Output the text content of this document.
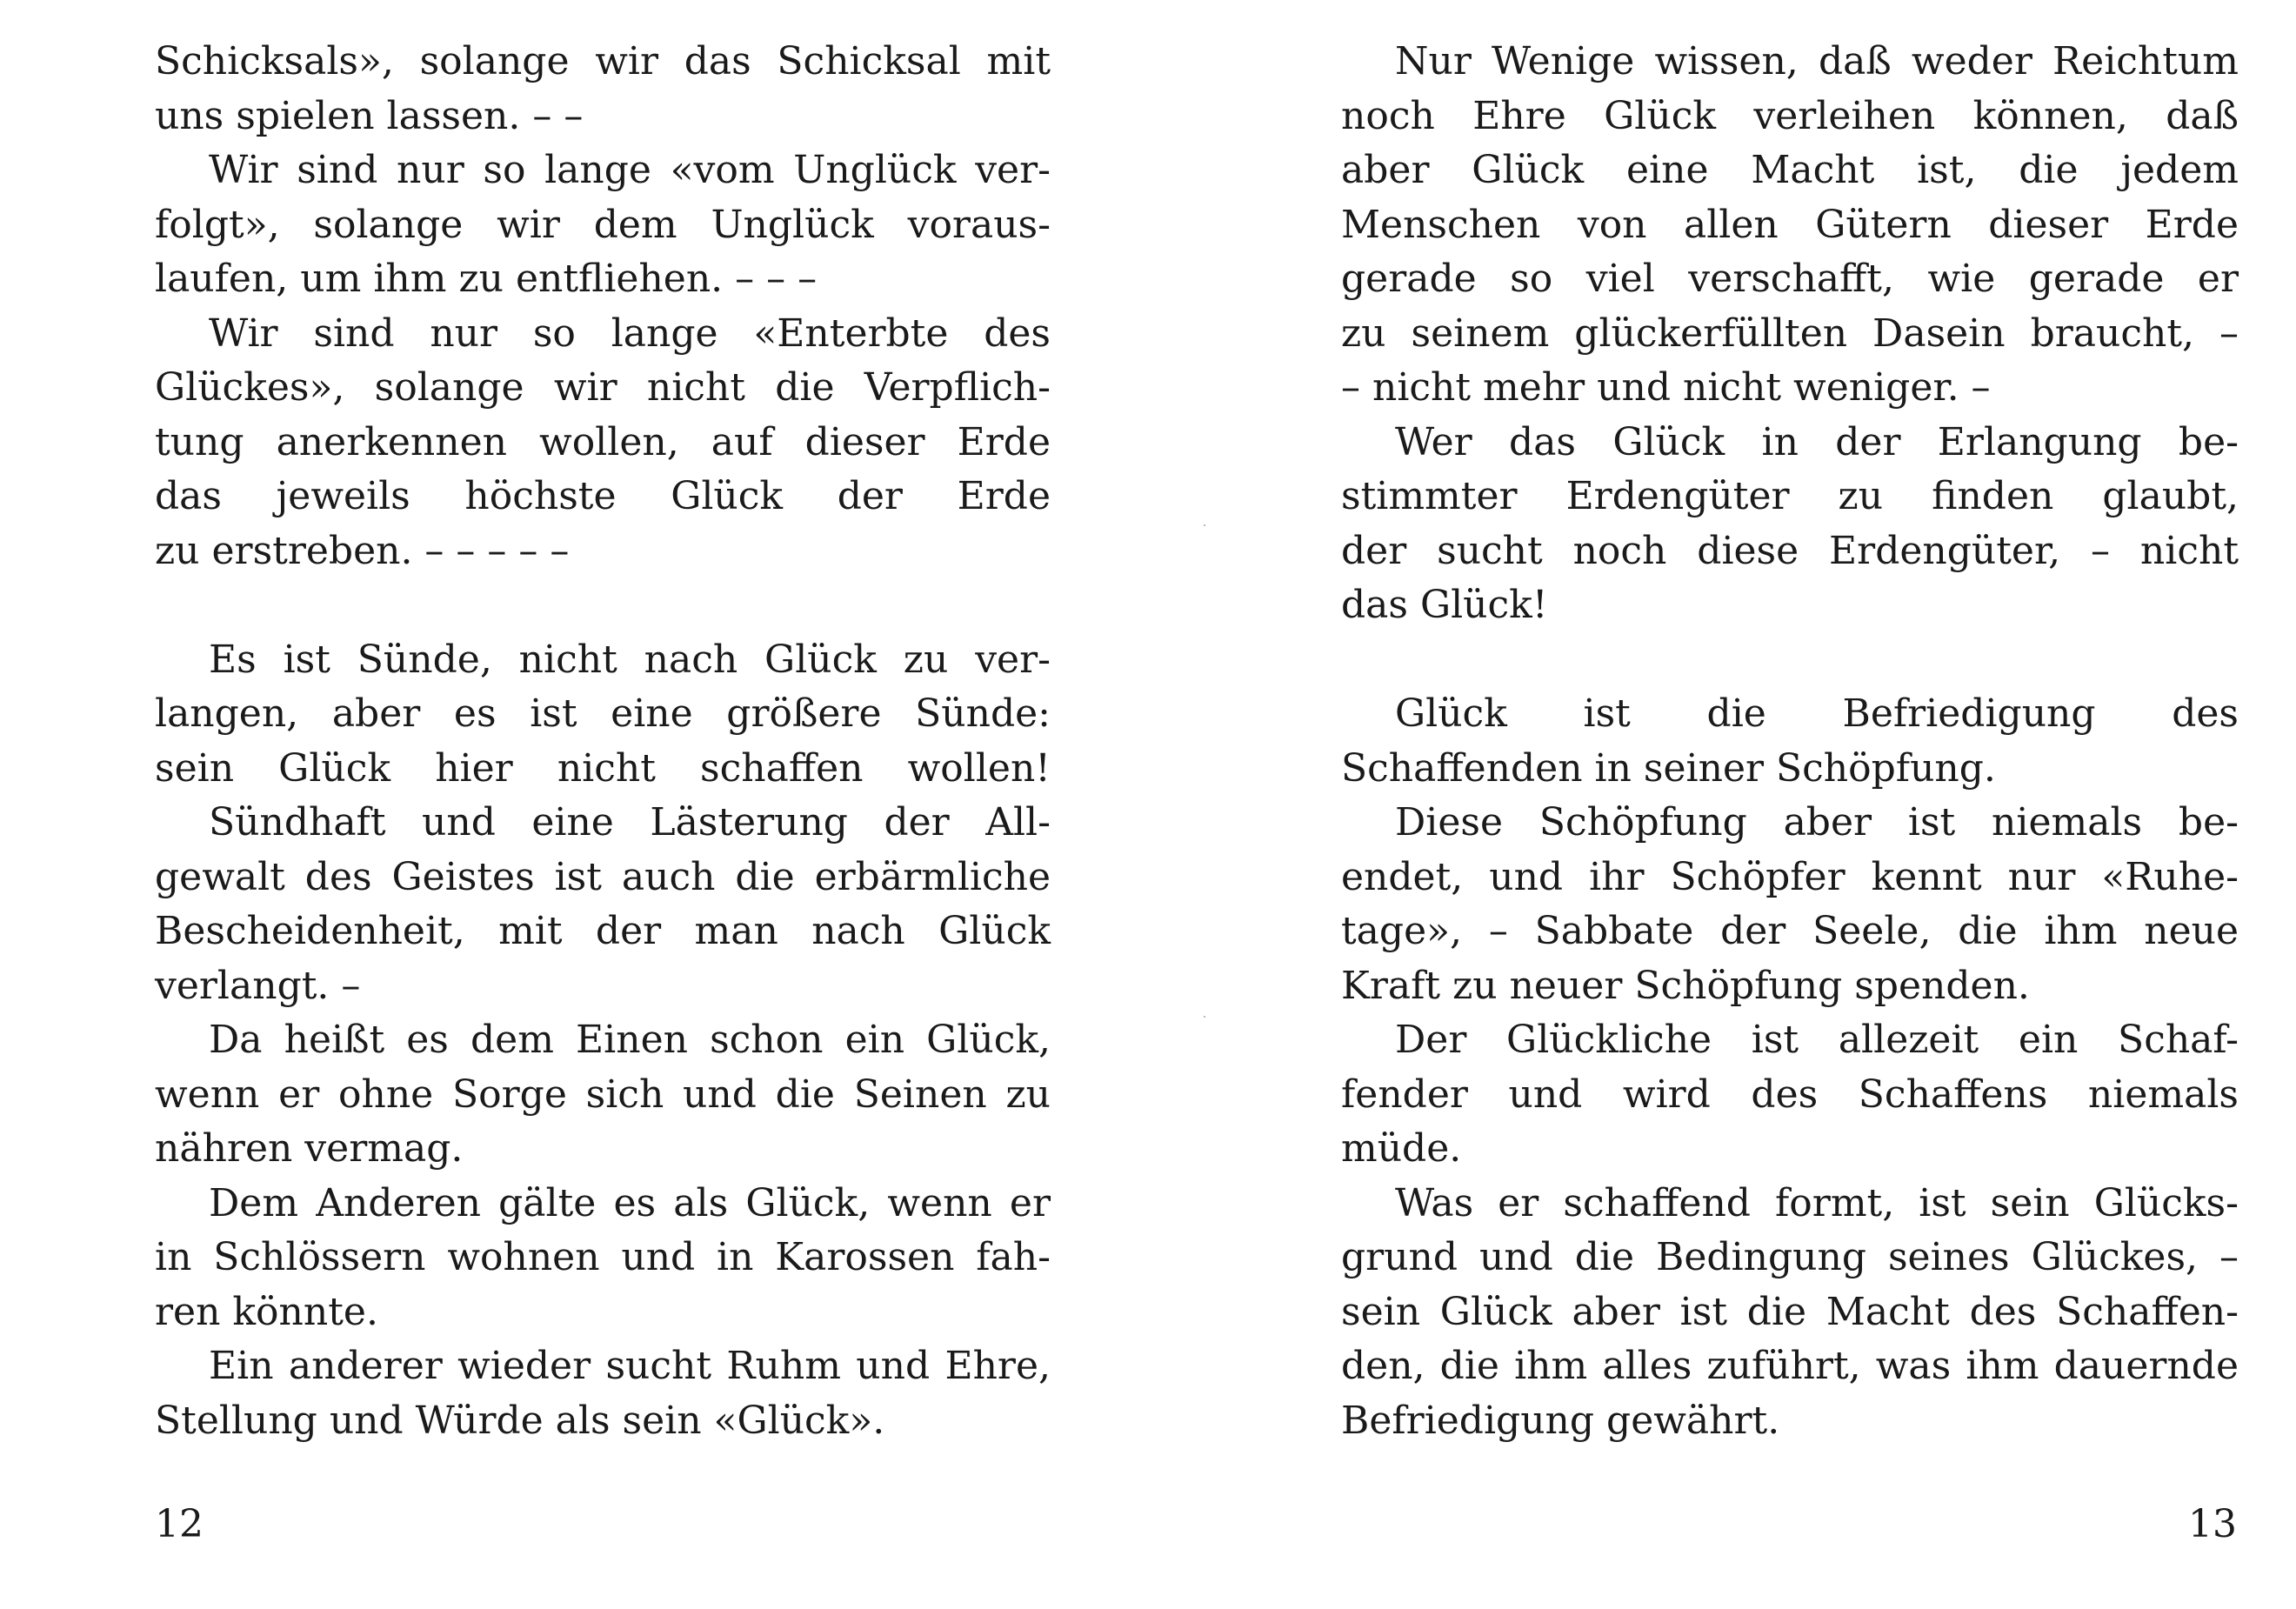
Schicksals», solange wir das Schicksal mit
uns spielen lassen. – –
Wir sind nur so lange «vom Unglück ver-
folgt», solange wir dem Unglück voraus-
laufen, um ihm zu entfliehen. – – –
Wir sind nur so lange «Enterbte des
Glückes», solange wir nicht die Verpflich-
tung anerkennen wollen, auf dieser Erde
das jeweils höchste Glück der Erde
zu erstreben. – – – – –
Es ist Sünde, nicht nach Glück zu ver-
langen, aber es ist eine größere Sünde:
sein Glück hier nicht schaffen wollen!
Sündhaft und eine Lästerung der All-
gewalt des Geistes ist auch die erbärmliche
Bescheidenheit, mit der man nach Glück
verlangt. –
Da heißt es dem Einen schon ein Glück,
wenn er ohne Sorge sich und die Seinen zu
nähren vermag.
Dem Anderen gälte es als Glück, wenn er
in Schlössern wohnen und in Karossen fah-
ren könnte.
Ein anderer wieder sucht Ruhm und Ehre,
Stellung und Würde als sein «Glück».
12
Nur Wenige wissen, daß weder Reichtum
noch Ehre Glück verleihen können, daß
aber Glück eine Macht ist, die jedem
Menschen von allen Gütern dieser Erde
gerade so viel verschafft, wie gerade er
zu seinem glückerfüllten Dasein braucht, –
– nicht mehr und nicht weniger. –
Wer das Glück in der Erlangung be-
stimmter Erdengüter zu finden glaubt,
der sucht noch diese Erdengüter, – nicht
das Glück!
Glück ist die Befriedigung des
Schaffenden in seiner Schöpfung.
Diese Schöpfung aber ist niemals be-
endet, und ihr Schöpfer kennt nur «Ruhe-
tage», – Sabbate der Seele, die ihm neue
Kraft zu neuer Schöpfung spenden.
Der Glückliche ist allezeit ein Schaf-
fender und wird des Schaffens niemals
müde.
Was er schaffend formt, ist sein Glücks-
grund und die Bedingung seines Glückes, –
sein Glück aber ist die Macht des Schaffen-
den, die ihm alles zuführt, was ihm dauernde
Befriedigung gewährt.
13
